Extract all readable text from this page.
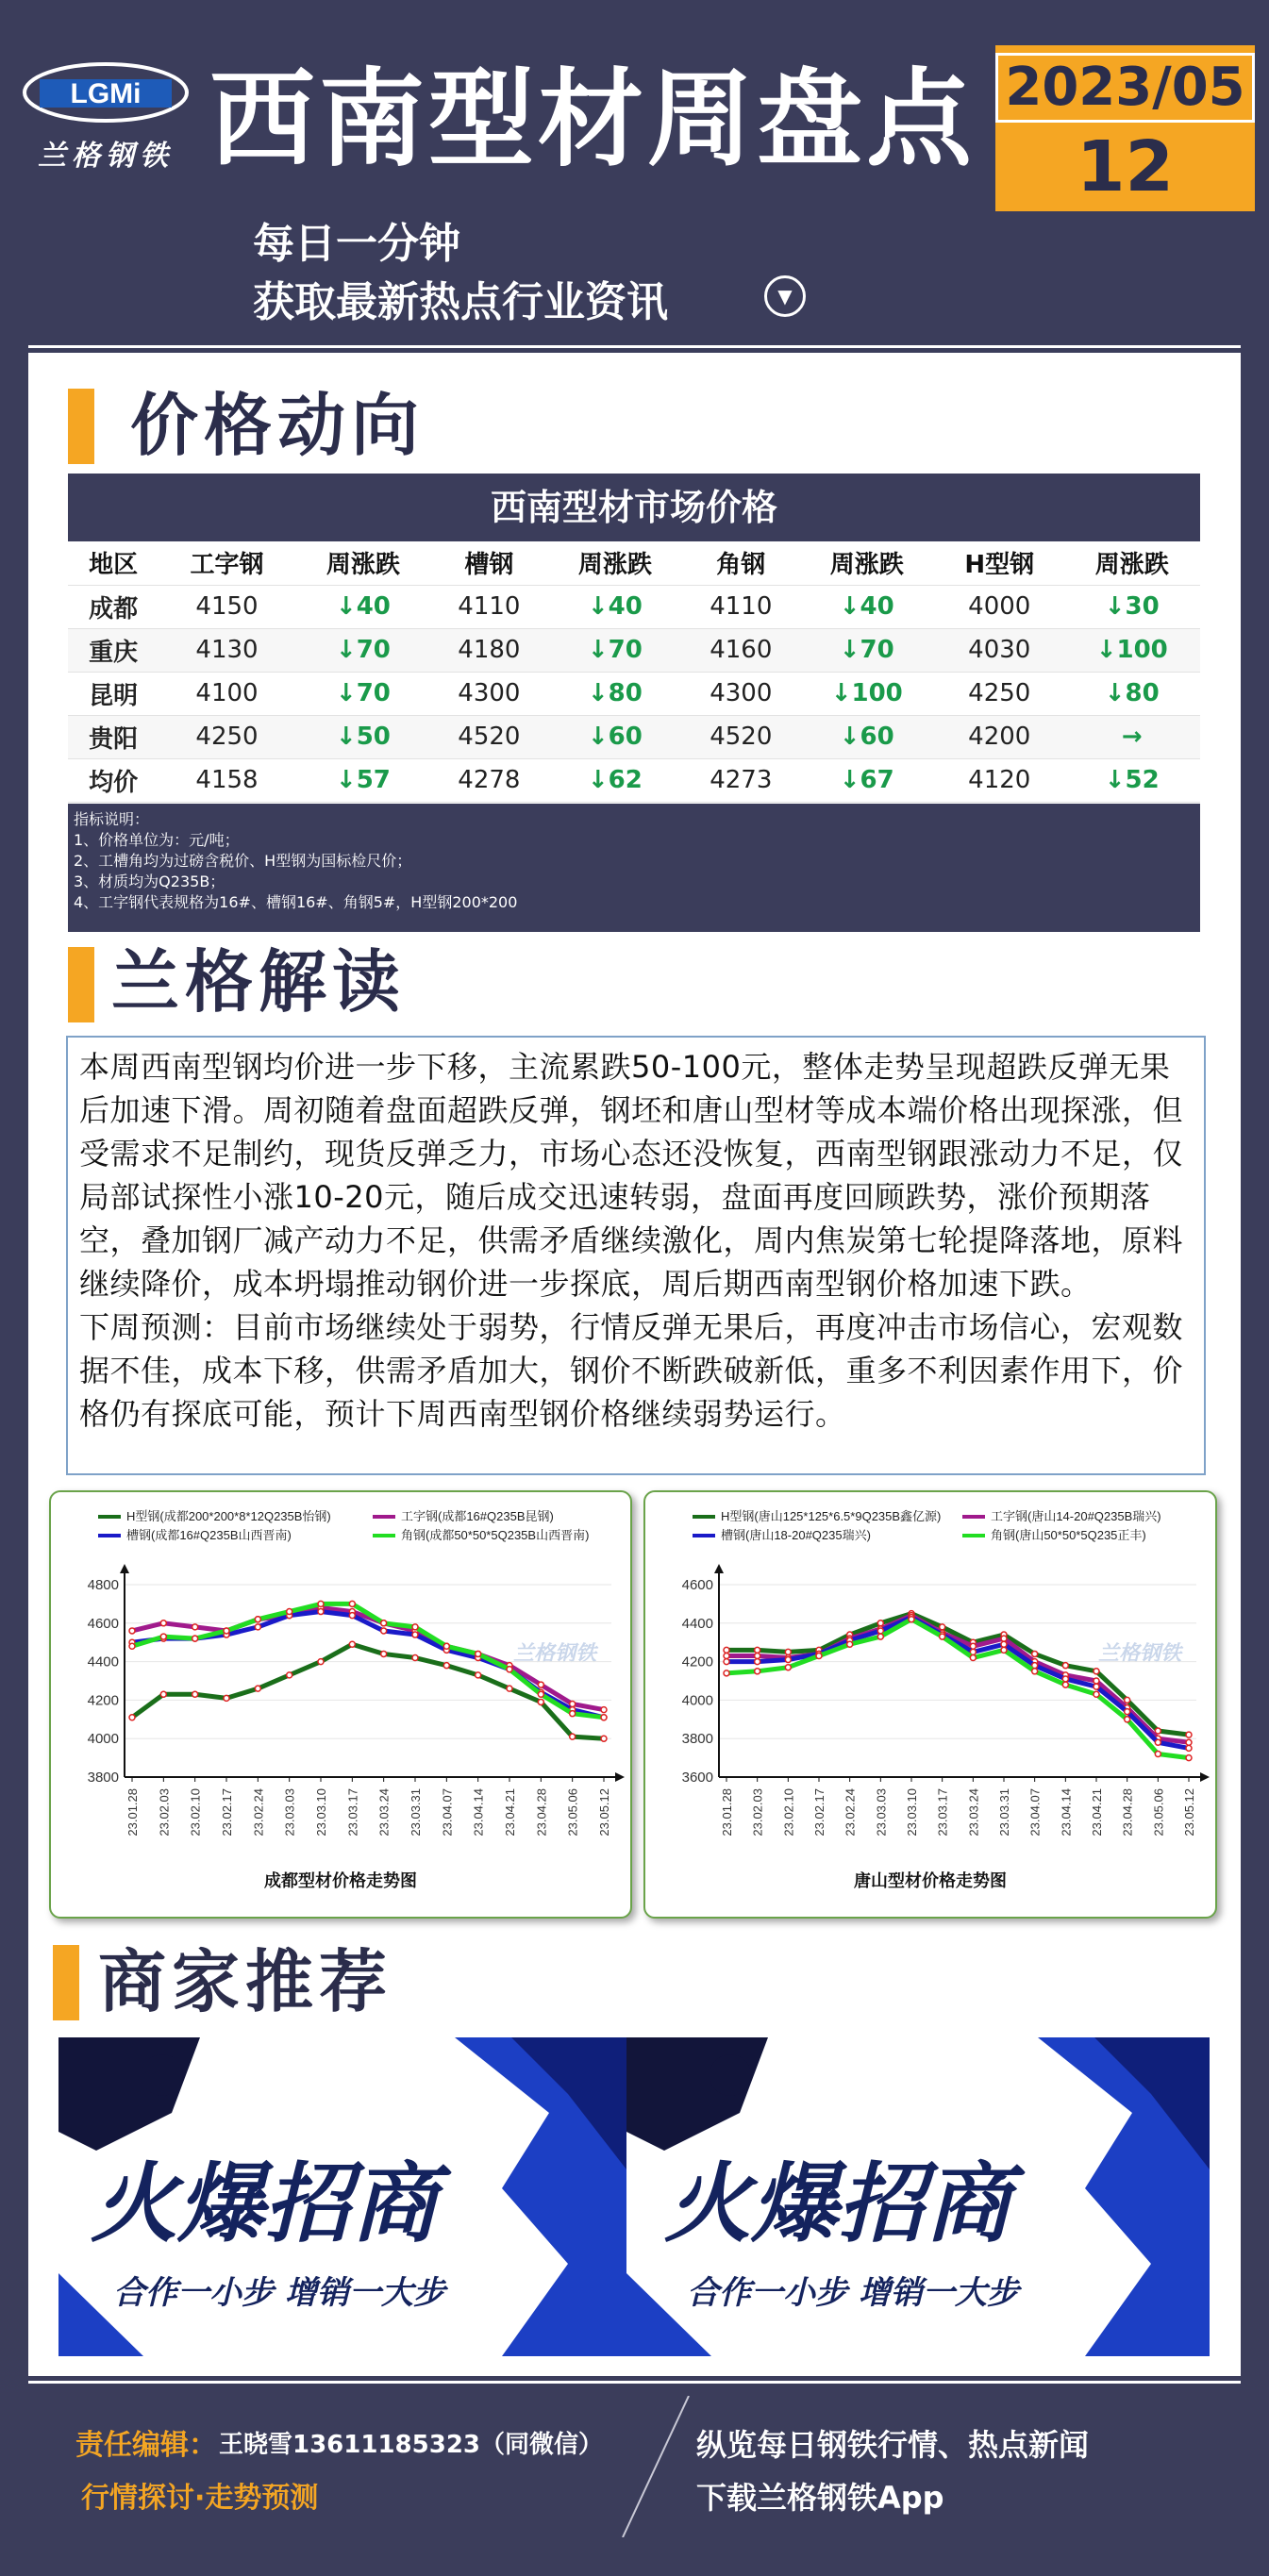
LGMi
兰格钢铁 西南型材周盘点 2023/05
12
每日一分钟
获取最新热点行业资讯	▼
价格动向
西南型材市场价格
地区	工字钢	周涨跌	槽钢	周涨跌	角钢	周涨跌	H型钢	周涨跌
成都	4150	↓40	4110	↓40	4110	↓40	4000	↓30
重庆	4130	↓70	4180	↓70	4160	↓70	4030	↓100
昆明	4100	↓70	4300	↓80	4300	↓100	4250	↓80
贵阳	4250	↓50	4520	↓60	4520	↓60	4200	→
均价	4158	↓57	4278	↓62	4273	↓67	4120	↓52
指标说明：
1、价格单位为：元/吨；
2、工槽角均为过磅含税价、H型钢为国标检尺价；
3、材质均为Q235B；
4、工字钢代表规格为16#、槽钢16#、角钢5#，H型钢200*200
兰格解读

本周西南型钢均价进一步下移，主流累跌50-100元，整体走势呈现超跌反弹无果后加速下滑。周初随着盘面超跌反弹，钢坯和唐山型材等成本端价格出现探涨，但受需求不足制约，现货反弹乏力，市场心态还没恢复，西南型钢跟涨动力不足，仅局部试探性小涨10-20元，随后成交迅速转弱，盘面再度回顾跌势，涨价预期落空，叠加钢厂减产动力不足，供需矛盾继续激化，周内焦炭第七轮提降落地，原料继续降价，成本坍塌推动钢价进一步探底，周后期西南型钢价格加速下跌。

下周预测：目前市场继续处于弱势，行情反弹无果后，再度冲击市场信心，宏观数据不佳，成本下移，供需矛盾加大，钢价不断跌破新低，重多不利因素作用下，价格仍有探底可能，预计下周西南型钢价格继续弱势运行。

H型钢(成都200*200*8*12Q235B怡钢)	工字钢(成都16#Q235B昆钢)
槽钢(成都16#Q235B山西晋南)	角钢(成都50*50*5Q235B山西晋南)
兰格钢铁
3800
4000
4200
4400
4600
4800
23.01.28 23.02.03 23.02.10 23.02.17 23.02.24 23.03.03 23.03.10 23.03.17 23.03.24 23.03.31 23.04.07 23.04.14 23.04.21 23.04.28 23.05.06 23.05.12
成都型材价格走势图
H型钢(唐山125*125*6.5*9Q235B鑫亿源)	工字钢(唐山14-20#Q235B瑞兴)
槽钢(唐山18-20#Q235瑞兴)	角钢(唐山50*50*5Q235正丰)
兰格钢铁
3600
3800
4000
4200
4400
4600
23.01.28 23.02.03 23.02.10 23.02.17 23.02.24 23.03.03 23.03.10 23.03.17 23.03.24 23.03.31 23.04.07 23.04.14 23.04.21 23.04.28 23.05.06 23.05.12
唐山型材价格走势图
商家推荐
火爆招商
合作一小步 增销一大步
火爆招商
合作一小步 增销一大步
责任编辑： 王晓雪13611185323（同微信）
行情探讨·走势预测
纵览每日钢铁行情、热点新闻
下载兰格钢铁App
